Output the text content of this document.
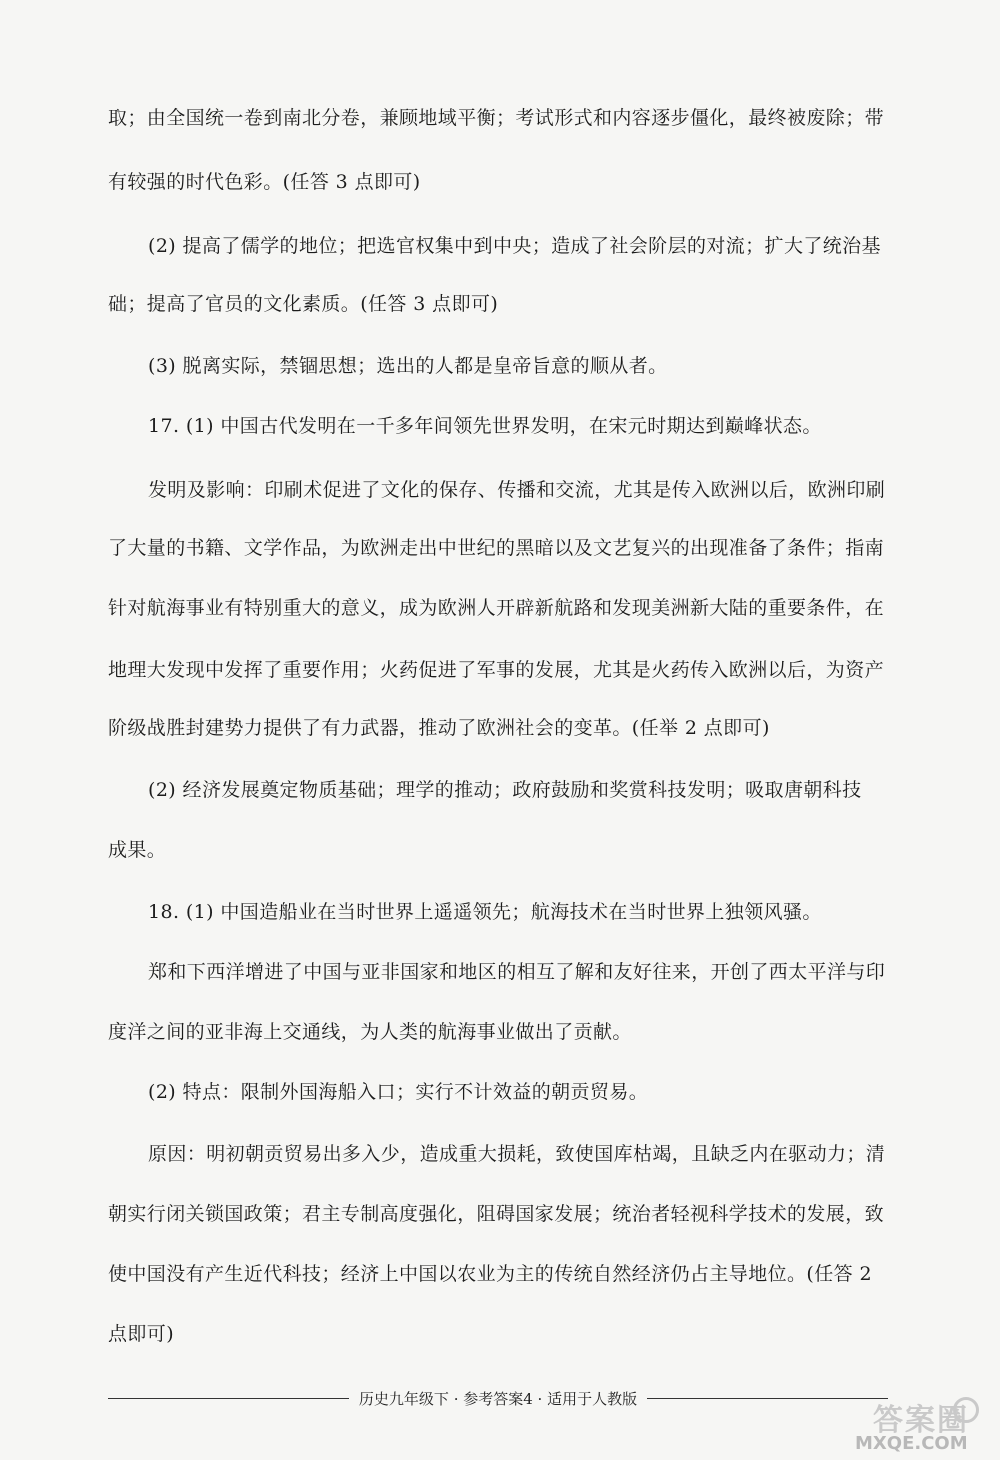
取；由全国统一卷到南北分卷，兼顾地域平衡；考试形式和内容逐步僵化，最终被废除；带
有较强的时代色彩。(任答 3 点即可)
(2) 提高了儒学的地位；把选官权集中到中央；造成了社会阶层的对流；扩大了统治基
础；提高了官员的文化素质。(任答 3 点即可)
(3) 脱离实际，禁锢思想；选出的人都是皇帝旨意的顺从者。
17. (1) 中国古代发明在一千多年间领先世界发明，在宋元时期达到巅峰状态。
发明及影响：印刷术促进了文化的保存、传播和交流，尤其是传入欧洲以后，欧洲印刷
了大量的书籍、文学作品，为欧洲走出中世纪的黑暗以及文艺复兴的出现准备了条件；指南
针对航海事业有特别重大的意义，成为欧洲人开辟新航路和发现美洲新大陆的重要条件，在
地理大发现中发挥了重要作用；火药促进了军事的发展，尤其是火药传入欧洲以后，为资产
阶级战胜封建势力提供了有力武器，推动了欧洲社会的变革。(任举 2 点即可)
(2) 经济发展奠定物质基础；理学的推动；政府鼓励和奖赏科技发明；吸取唐朝科技
成果。
18. (1) 中国造船业在当时世界上遥遥领先；航海技术在当时世界上独领风骚。
郑和下西洋增进了中国与亚非国家和地区的相互了解和友好往来，开创了西太平洋与印
度洋之间的亚非海上交通线，为人类的航海事业做出了贡献。
(2) 特点：限制外国海船入口；实行不计效益的朝贡贸易。
原因：明初朝贡贸易出多入少，造成重大损耗，致使国库枯竭，且缺乏内在驱动力；清
朝实行闭关锁国政策；君主专制高度强化，阻碍国家发展；统治者轻视科学技术的发展，致
使中国没有产生近代科技；经济上中国以农业为主的传统自然经济仍占主导地位。(任答 2
点即可)
历史九年级下 · 参考答案4 · 适用于人教版
答案圈
MXQE.COM
